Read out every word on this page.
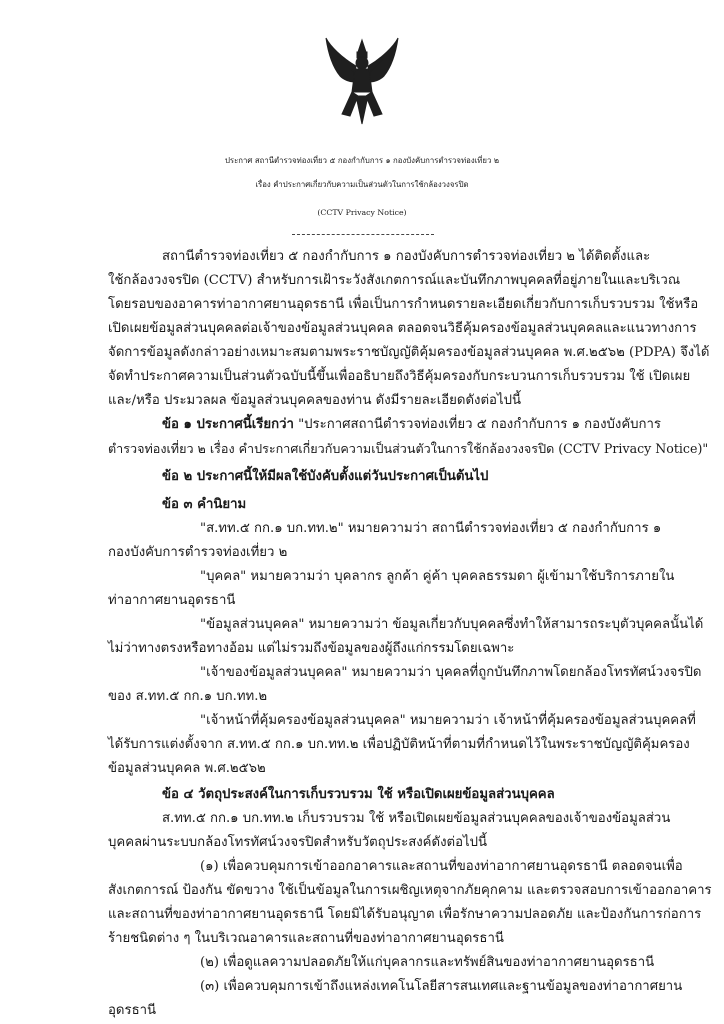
ประกาศ สถานีตำรวจท่องเที่ยว ๕ กองกำกับการ ๑ กองบังคับการตำรวจท่องเที่ยว ๒
เรื่อง คำประกาศเกี่ยวกับความเป็นส่วนตัวในการใช้กล้องวงจรปิด
(CCTV Privacy Notice)
สถานีตำรวจท่องเที่ยว ๕ กองกำกับการ ๑ กองบังคับการตำรวจท่องเที่ยว ๒ ได้ติดตั้งและ
ใช้กล้องวงจรปิด (CCTV) สำหรับการเฝ้าระวังสังเกตการณ์และบันทึกภาพบุคคลที่อยู่ภายในและบริเวณ
โดยรอบของอาคารท่าอากาศยานอุดรธานี เพื่อเป็นการกำหนดรายละเอียดเกี่ยวกับการเก็บรวบรวม ใช้หรือ
เปิดเผยข้อมูลส่วนบุคคลต่อเจ้าของข้อมูลส่วนบุคคล ตลอดจนวิธีคุ้มครองข้อมูลส่วนบุคคลและแนวทางการ
จัดการข้อมูลดังกล่าวอย่างเหมาะสมตามพระราชบัญญัติคุ้มครองข้อมูลส่วนบุคคล พ.ศ.๒๕๖๒ (PDPA) จึงได้
จัดทำประกาศความเป็นส่วนตัวฉบับนี้ขึ้นเพื่ออธิบายถึงวิธีคุ้มครองกับกระบวนการเก็บรวบรวม ใช้ เปิดเผย
และ/หรือ ประมวลผล ข้อมูลส่วนบุคคลของท่าน ดังมีรายละเอียดดังต่อไปนี้
ข้อ ๑ ประกาศนี้เรียกว่า "ประกาศสถานีตำรวจท่องเที่ยว ๕ กองกำกับการ ๑ กองบังคับการ
ตำรวจท่องเที่ยว ๒ เรื่อง คำประกาศเกี่ยวกับความเป็นส่วนตัวในการใช้กล้องวงจรปิด (CCTV Privacy Notice)"
ข้อ ๒ ประกาศนี้ให้มีผลใช้บังคับตั้งแต่วันประกาศเป็นต้นไป
ข้อ ๓ คำนิยาม
"ส.ทท.๕ กก.๑ บก.ทท.๒" หมายความว่า สถานีตำรวจท่องเที่ยว ๕ กองกำกับการ ๑
กองบังคับการตำรวจท่องเที่ยว ๒
"บุคคล" หมายความว่า บุคลากร ลูกค้า คู่ค้า บุคคลธรรมดา ผู้เข้ามาใช้บริการภายใน
ท่าอากาศยานอุดรธานี
"ข้อมูลส่วนบุคคล" หมายความว่า ข้อมูลเกี่ยวกับบุคคลซึ่งทำให้สามารถระบุตัวบุคคลนั้นได้
ไม่ว่าทางตรงหรือทางอ้อม แต่ไม่รวมถึงข้อมูลของผู้ถึงแก่กรรมโดยเฉพาะ
"เจ้าของข้อมูลส่วนบุคคล" หมายความว่า บุคคลที่ถูกบันทึกภาพโดยกล้องโทรทัศน์วงจรปิด
ของ ส.ทท.๕ กก.๑ บก.ทท.๒
"เจ้าหน้าที่คุ้มครองข้อมูลส่วนบุคคล" หมายความว่า เจ้าหน้าที่คุ้มครองข้อมูลส่วนบุคคลที่
ได้รับการแต่งตั้งจาก ส.ทท.๕ กก.๑ บก.ทท.๒ เพื่อปฏิบัติหน้าที่ตามที่กำหนดไว้ในพระราชบัญญัติคุ้มครอง
ข้อมูลส่วนบุคคล พ.ศ.๒๕๖๒
ข้อ ๔ วัตถุประสงค์ในการเก็บรวบรวม ใช้ หรือเปิดเผยข้อมูลส่วนบุคคล
ส.ทท.๕ กก.๑ บก.ทท.๒ เก็บรวบรวม ใช้ หรือเปิดเผยข้อมูลส่วนบุคคลของเจ้าของข้อมูลส่วน
บุคคลผ่านระบบกล้องโทรทัศน์วงจรปิดสำหรับวัตถุประสงค์ดังต่อไปนี้
(๑) เพื่อควบคุมการเข้าออกอาคารและสถานที่ของท่าอากาศยานอุดรธานี ตลอดจนเพื่อ
สังเกตการณ์ ป้องกัน ขัดขวาง ใช้เป็นข้อมูลในการเผชิญเหตุจากภัยคุกคาม และตรวจสอบการเข้าออกอาคาร
และสถานที่ของท่าอากาศยานอุดรธานี โดยมิได้รับอนุญาต เพื่อรักษาความปลอดภัย และป้องกันการก่อการ
ร้ายชนิดต่าง ๆ ในบริเวณอาคารและสถานที่ของท่าอากาศยานอุดรธานี
(๒) เพื่อดูแลความปลอดภัยให้แก่บุคลากรและทรัพย์สินของท่าอากาศยานอุดรธานี
(๓) เพื่อควบคุมการเข้าถึงแหล่งเทคโนโลยีสารสนเทศและฐานข้อมูลของท่าอากาศยาน
อุดรธานี
